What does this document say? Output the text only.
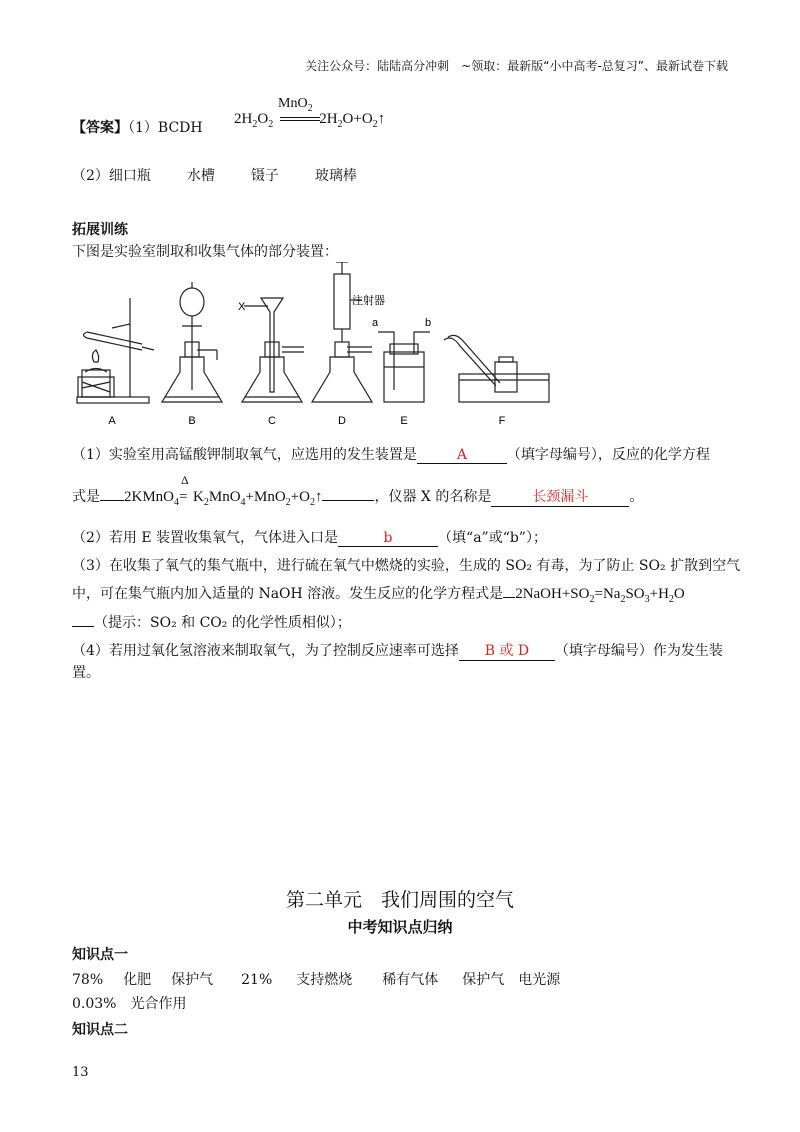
关注公众号：陆陆高分冲刺　~领取：最新版“小中高考-总复习”、最新试卷下载
【答案】（1）BCDH
MnO$_2$
$2H_2O_2$	$2H_2O+O_2↑$
（2）细口瓶	水槽	镊子	玻璃棒
拓展训练
下图是实验室制取和收集气体的部分装置：
A	B	C	D	E	F
X	注射器
a	b
（1）实验室用高锰酸钾制取氧气，应选用的发生装置是	A	（填字母编号），反应的化学方程
式是 2KMnO$_4$
Δ
= $K_2MnO_4+MnO_2+O_2↑$	，仪器 X 的名称是	长颈漏斗	。
（2）若用 E 装置收集氧气，气体进入口是	b	（填“a”或“b”）；
（3）在收集了氧气的集气瓶中，进行硫在氧气中燃烧的实验，生成的 SO₂ 有毒，为了防止 SO₂ 扩散到空气
中，可在集气瓶内加入适量的 NaOH 溶液。发生反应的化学方程式是 $2NaOH+SO_2=Na_2SO_3+H_2O$
（提示：SO₂ 和 CO₂ 的化学性质相似）；
（4）若用过氧化氢溶液来制取氧气，为了控制反应速率可选择 B 或 D （填字母编号）作为发生装
置。
第二单元　我们周围的空气
中考知识点归纳
知识点一
78% 化肥 保护气 21% 支持燃烧 稀有气体 保护气 电光源
0.03% 光合作用
知识点二
13
